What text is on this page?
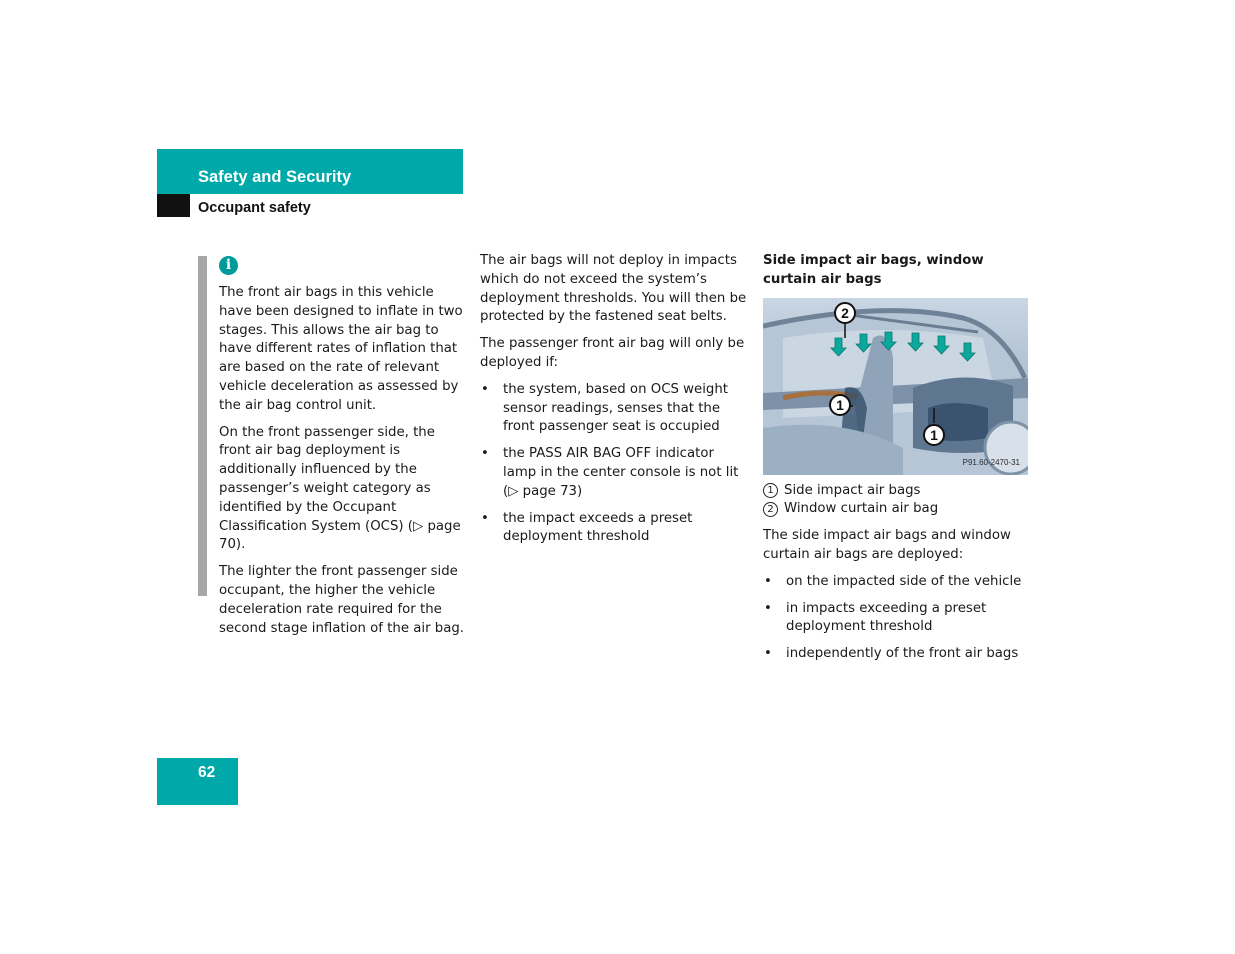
Safety and Security
Occupant safety
i

The front air bags in this vehicle have been designed to inflate in two stages. This allows the air bag to have different rates of inflation that are based on the rate of relevant vehicle deceleration as assessed by the air bag control unit.

On the front passenger side, the front air bag deployment is additionally influenced by the passenger’s weight category as identified by the Occupant Classification System (OCS) (▷ page 70).

The lighter the front passenger side occupant, the higher the vehicle deceleration rate required for the second stage inflation of the air bag.

The air bags will not deploy in impacts which do not exceed the system’s deployment thresholds. You will then be protected by the fastened seat belts.

The passenger front air bag will only be deployed if:

• the system, based on OCS weight sensor readings, senses that the front passenger seat is occupied
• the PASS AIR BAG OFF indicator lamp in the center console is not lit (▷ page 73)
• the impact exceeds a preset deployment threshold

Side impact air bags, window curtain air bags

2
1
1
P91.60-2470-31
1 Side impact air bags
2 Window curtain air bag

The side impact air bags and window curtain air bags are deployed:

• on the impacted side of the vehicle
• in impacts exceeding a preset deployment threshold
• independently of the front air bags
62
